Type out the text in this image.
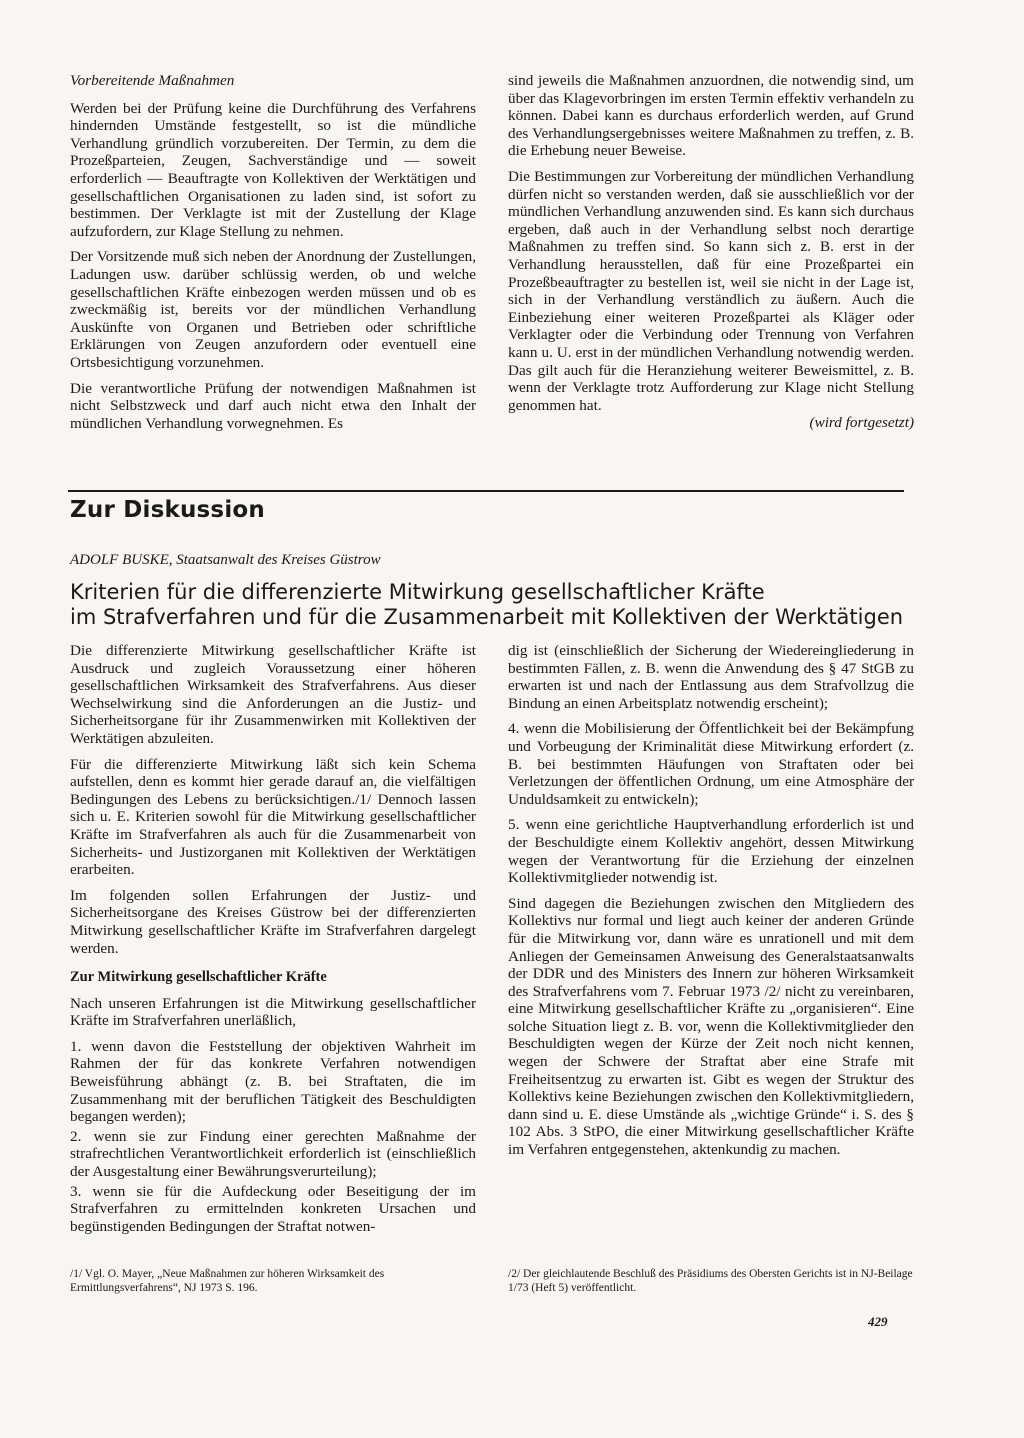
Vorbereitende Maßnahmen

Werden bei der Prüfung keine die Durchführung des Verfahrens hindernden Umstände festgestellt, so ist die mündliche Verhandlung gründlich vorzubereiten. Der Termin, zu dem die Prozeßparteien, Zeugen, Sachverständige und — soweit erforderlich — Beauftragte von Kollektiven der Werktätigen und gesellschaftlichen Organisationen zu laden sind, ist sofort zu bestimmen. Der Verklagte ist mit der Zustellung der Klage aufzufordern, zur Klage Stellung zu nehmen.

Der Vorsitzende muß sich neben der Anordnung der Zustellungen, Ladungen usw. darüber schlüssig werden, ob und welche gesellschaftlichen Kräfte einbezogen werden müssen und ob es zweckmäßig ist, bereits vor der mündlichen Verhandlung Auskünfte von Organen und Betrieben oder schriftliche Erklärungen von Zeugen anzufordern oder eventuell eine Ortsbesichtigung vorzunehmen.

Die verantwortliche Prüfung der notwendigen Maßnahmen ist nicht Selbstzweck und darf auch nicht etwa den Inhalt der mündlichen Verhandlung vorwegnehmen. Es

sind jeweils die Maßnahmen anzuordnen, die notwendig sind, um über das Klagevorbringen im ersten Termin effektiv verhandeln zu können. Dabei kann es durchaus erforderlich werden, auf Grund des Verhandlungsergebnisses weitere Maßnahmen zu treffen, z. B. die Erhebung neuer Beweise.

Die Bestimmungen zur Vorbereitung der mündlichen Verhandlung dürfen nicht so verstanden werden, daß sie ausschließlich vor der mündlichen Verhandlung anzuwenden sind. Es kann sich durchaus ergeben, daß auch in der Verhandlung selbst noch derartige Maßnahmen zu treffen sind. So kann sich z. B. erst in der Verhandlung herausstellen, daß für eine Prozeßpartei ein Prozeßbeauftragter zu bestellen ist, weil sie nicht in der Lage ist, sich in der Verhandlung verständlich zu äußern. Auch die Einbeziehung einer weiteren Prozeßpartei als Kläger oder Verklagter oder die Verbindung oder Trennung von Verfahren kann u. U. erst in der mündlichen Verhandlung notwendig werden. Das gilt auch für die Heranziehung weiterer Beweismittel, z. B. wenn der Verklagte trotz Aufforderung zur Klage nicht Stellung genommen hat.

(wird fortgesetzt)
Zur Diskussion
ADOLF BUSKE, Staatsanwalt des Kreises Güstrow
Kriterien für die differenzierte Mitwirkung gesellschaftlicher Kräfte
im Strafverfahren und für die Zusammenarbeit mit Kollektiven der Werktätigen

Die differenzierte Mitwirkung gesellschaftlicher Kräfte ist Ausdruck und zugleich Voraussetzung einer höheren gesellschaftlichen Wirksamkeit des Strafverfahrens. Aus dieser Wechselwirkung sind die Anforderungen an die Justiz- und Sicherheitsorgane für ihr Zusammenwirken mit Kollektiven der Werktätigen abzuleiten.

Für die differenzierte Mitwirkung läßt sich kein Schema aufstellen, denn es kommt hier gerade darauf an, die vielfältigen Bedingungen des Lebens zu berücksichtigen./1/ Dennoch lassen sich u. E. Kriterien sowohl für die Mitwirkung gesellschaftlicher Kräfte im Strafverfahren als auch für die Zusammenarbeit von Sicherheits- und Justizorganen mit Kollektiven der Werktätigen erarbeiten.

Im folgenden sollen Erfahrungen der Justiz- und Sicherheitsorgane des Kreises Güstrow bei der differenzierten Mitwirkung gesellschaftlicher Kräfte im Strafverfahren dargelegt werden.

Zur Mitwirkung gesellschaftlicher Kräfte

Nach unseren Erfahrungen ist die Mitwirkung gesellschaftlicher Kräfte im Strafverfahren unerläßlich,

1. wenn davon die Feststellung der objektiven Wahrheit im Rahmen der für das konkrete Verfahren notwendigen Beweisführung abhängt (z. B. bei Straftaten, die im Zusammenhang mit der beruflichen Tätigkeit des Beschuldigten begangen werden);

2. wenn sie zur Findung einer gerechten Maßnahme der strafrechtlichen Verantwortlichkeit erforderlich ist (einschließlich der Ausgestaltung einer Bewährungsverurteilung);

3. wenn sie für die Aufdeckung oder Beseitigung der im Strafverfahren zu ermittelnden konkreten Ursachen und begünstigenden Bedingungen der Straftat notwen-

dig ist (einschließlich der Sicherung der Wiedereingliederung in bestimmten Fällen, z. B. wenn die Anwendung des § 47 StGB zu erwarten ist und nach der Entlassung aus dem Strafvollzug die Bindung an einen Arbeitsplatz notwendig erscheint);

4. wenn die Mobilisierung der Öffentlichkeit bei der Bekämpfung und Vorbeugung der Kriminalität diese Mitwirkung erfordert (z. B. bei bestimmten Häufungen von Straftaten oder bei Verletzungen der öffentlichen Ordnung, um eine Atmosphäre der Unduldsamkeit zu entwickeln);

5. wenn eine gerichtliche Hauptverhandlung erforderlich ist und der Beschuldigte einem Kollektiv angehört, dessen Mitwirkung wegen der Verantwortung für die Erziehung der einzelnen Kollektivmitglieder notwendig ist.

Sind dagegen die Beziehungen zwischen den Mitgliedern des Kollektivs nur formal und liegt auch keiner der anderen Gründe für die Mitwirkung vor, dann wäre es unrationell und mit dem Anliegen der Gemeinsamen Anweisung des Generalstaatsanwalts der DDR und des Ministers des Innern zur höheren Wirksamkeit des Strafverfahrens vom 7. Februar 1973 /2/ nicht zu vereinbaren, eine Mitwirkung gesellschaftlicher Kräfte zu „organisieren“. Eine solche Situation liegt z. B. vor, wenn die Kollektivmitglieder den Beschuldigten wegen der Kürze der Zeit noch nicht kennen, wegen der Schwere der Straftat aber eine Strafe mit Freiheitsentzug zu erwarten ist. Gibt es wegen der Struktur des Kollektivs keine Beziehungen zwischen den Kollektivmitgliedern, dann sind u. E. diese Umstände als „wichtige Gründe“ i. S. des § 102 Abs. 3 StPO, die einer Mitwirkung gesellschaftlicher Kräfte im Verfahren entgegenstehen, aktenkundig zu machen.

/1/ Vgl. O. Mayer, „Neue Maßnahmen zur höheren Wirksamkeit des Ermittlungsverfahrens“, NJ 1973 S. 196.
/2/ Der gleichlautende Beschluß des Präsidiums des Obersten Gerichts ist in NJ-Beilage 1/73 (Heft 5) veröffentlicht.
429
